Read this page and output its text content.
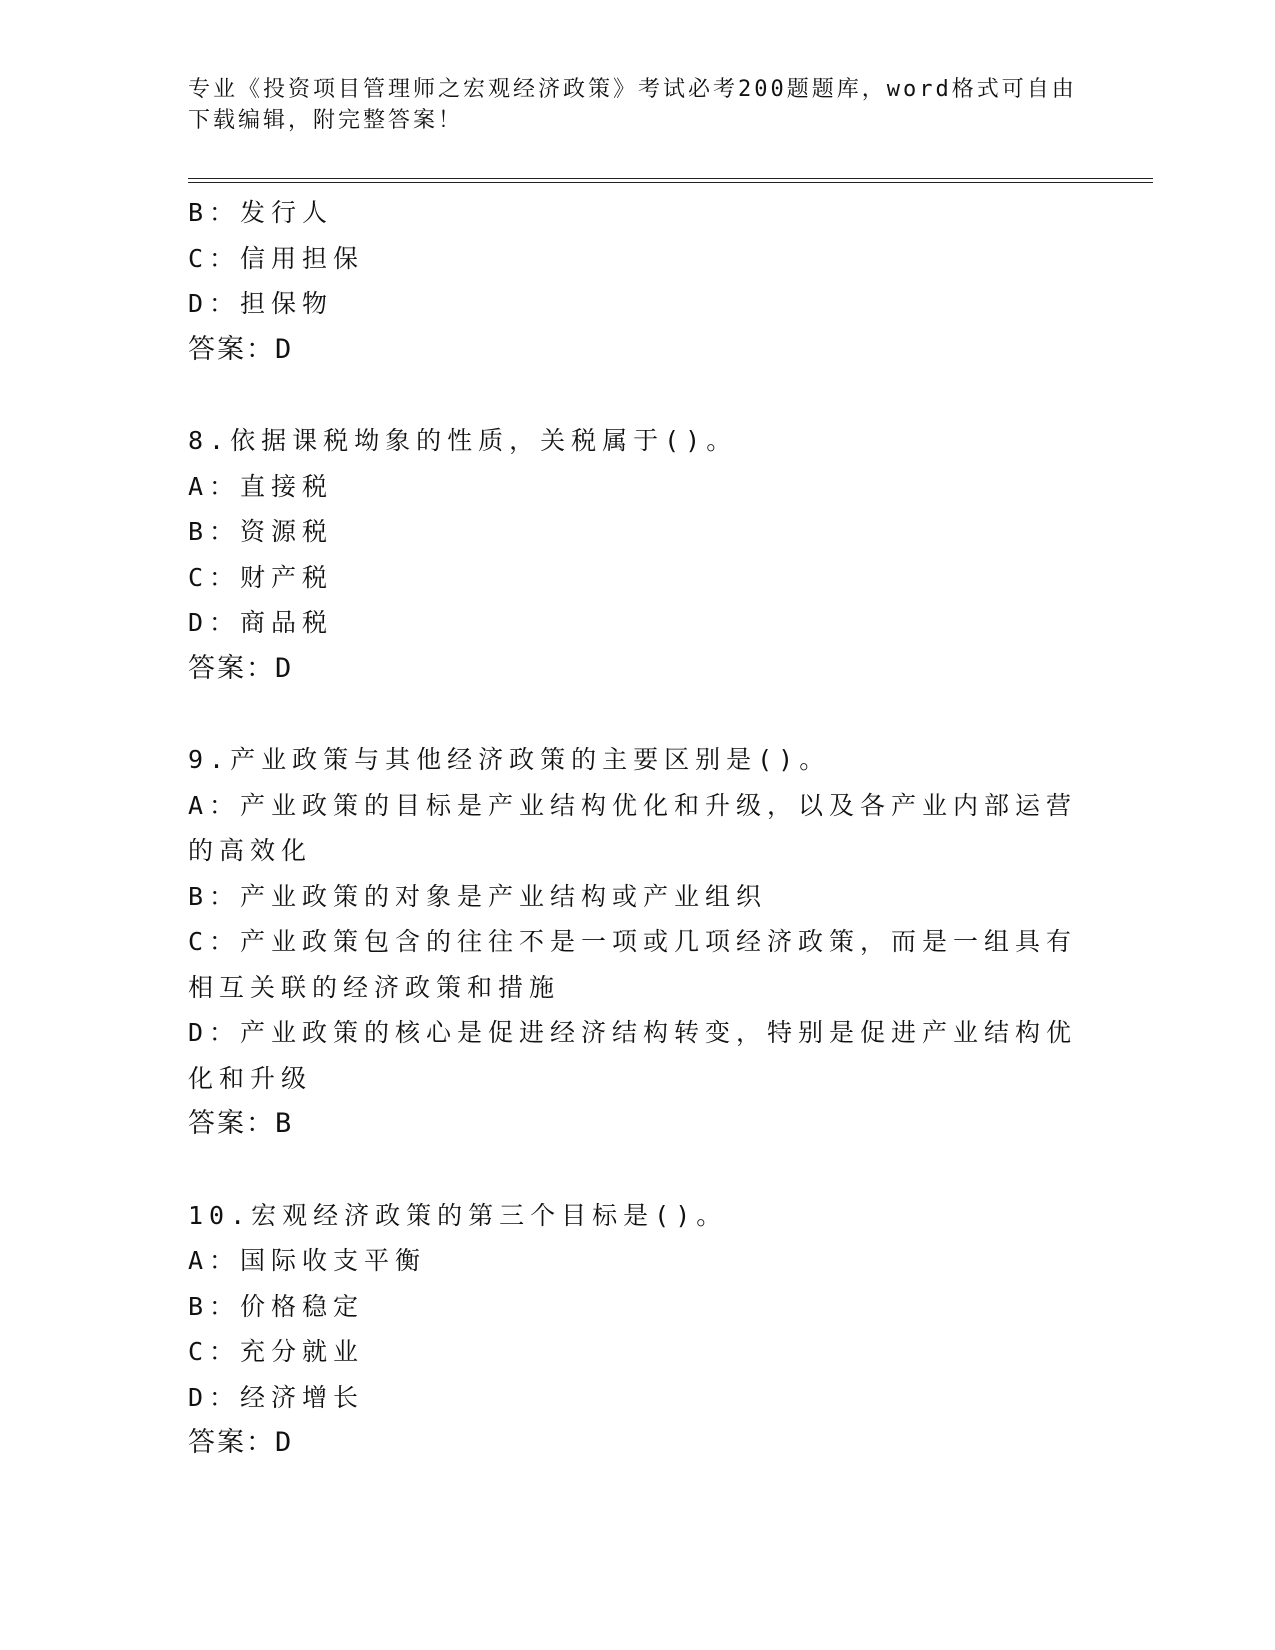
专业《投资项目管理师之宏观经济政策》考试必考200题题库，word格式可自由下载编辑，附完整答案！
B：发行人
C：信用担保
D：担保物
答案：D
8.依据课税坳象的性质，关税属于()。
A：直接税
B：资源税
C：财产税
D：商品税
答案：D
9.产业政策与其他经济政策的主要区别是()。
A：产业政策的目标是产业结构优化和升级，以及各产业内部运营的高效化
B：产业政策的对象是产业结构或产业组织
C：产业政策包含的往往不是一项或几项经济政策，而是一组具有相互关联的经济政策和措施
D：产业政策的核心是促进经济结构转变，特别是促进产业结构优化和升级
答案：B
10.宏观经济政策的第三个目标是()。
A：国际收支平衡
B：价格稳定
C：充分就业
D：经济增长
答案：D
